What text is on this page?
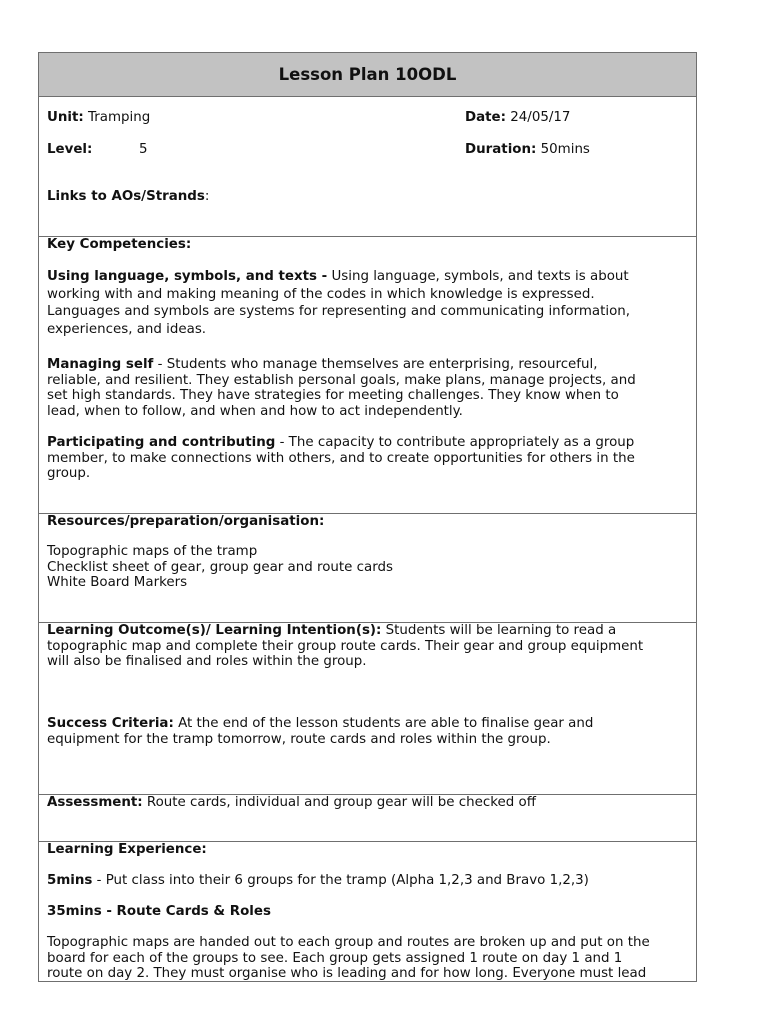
Lesson Plan 10ODL
Unit: Tramping	Date: 24/05/17
Level:	5	Duration: 50mins
Links to AOs/Strands:
Key Competencies:
Using language, symbols, and texts - Using language, symbols, and texts is about
working with and making meaning of the codes in which knowledge is expressed.
Languages and symbols are systems for representing and communicating information,
experiences, and ideas.
Managing self - Students who manage themselves are enterprising, resourceful,
reliable, and resilient. They establish personal goals, make plans, manage projects, and
set high standards. They have strategies for meeting challenges. They know when to
lead, when to follow, and when and how to act independently.
Participating and contributing - The capacity to contribute appropriately as a group
member, to make connections with others, and to create opportunities for others in the
group.
Resources/preparation/organisation:
Topographic maps of the tramp
Checklist sheet of gear, group gear and route cards
White Board Markers
Learning Outcome(s)/ Learning Intention(s): Students will be learning to read a
topographic map and complete their group route cards. Their gear and group equipment
will also be finalised and roles within the group.
Success Criteria: At the end of the lesson students are able to finalise gear and
equipment for the tramp tomorrow, route cards and roles within the group.
Assessment: Route cards, individual and group gear will be checked off
Learning Experience:
5mins - Put class into their 6 groups for the tramp (Alpha 1,2,3 and Bravo 1,2,3)
35mins - Route Cards & Roles
Topographic maps are handed out to each group and routes are broken up and put on the
board for each of the groups to see. Each group gets assigned 1 route on day 1 and 1
route on day 2. They must organise who is leading and for how long. Everyone must lead
